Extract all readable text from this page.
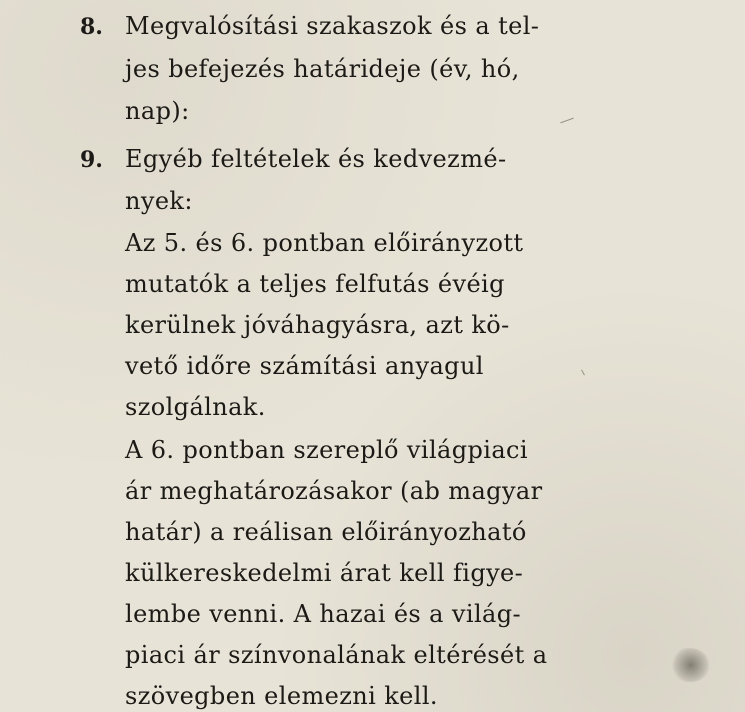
8. Megvalósítási szakaszok és a tel-
jes befejezés határideje (év, hó,
nap):
9. Egyéb feltételek és kedvezmé-
nyek:
Az 5. és 6. pontban előirányzott
mutatók a teljes felfutás évéig
kerülnek jóváhagyásra, azt kö-
vető időre számítási anyagul
szolgálnak.
A 6. pontban szereplő világpiaci
ár meghatározásakor (ab magyar
határ) a reálisan előirányozható
külkereskedelmi árat kell figye-
lembe venni. A hazai és a világ-
piaci ár színvonalának eltérését a
szövegben elemezni kell.
